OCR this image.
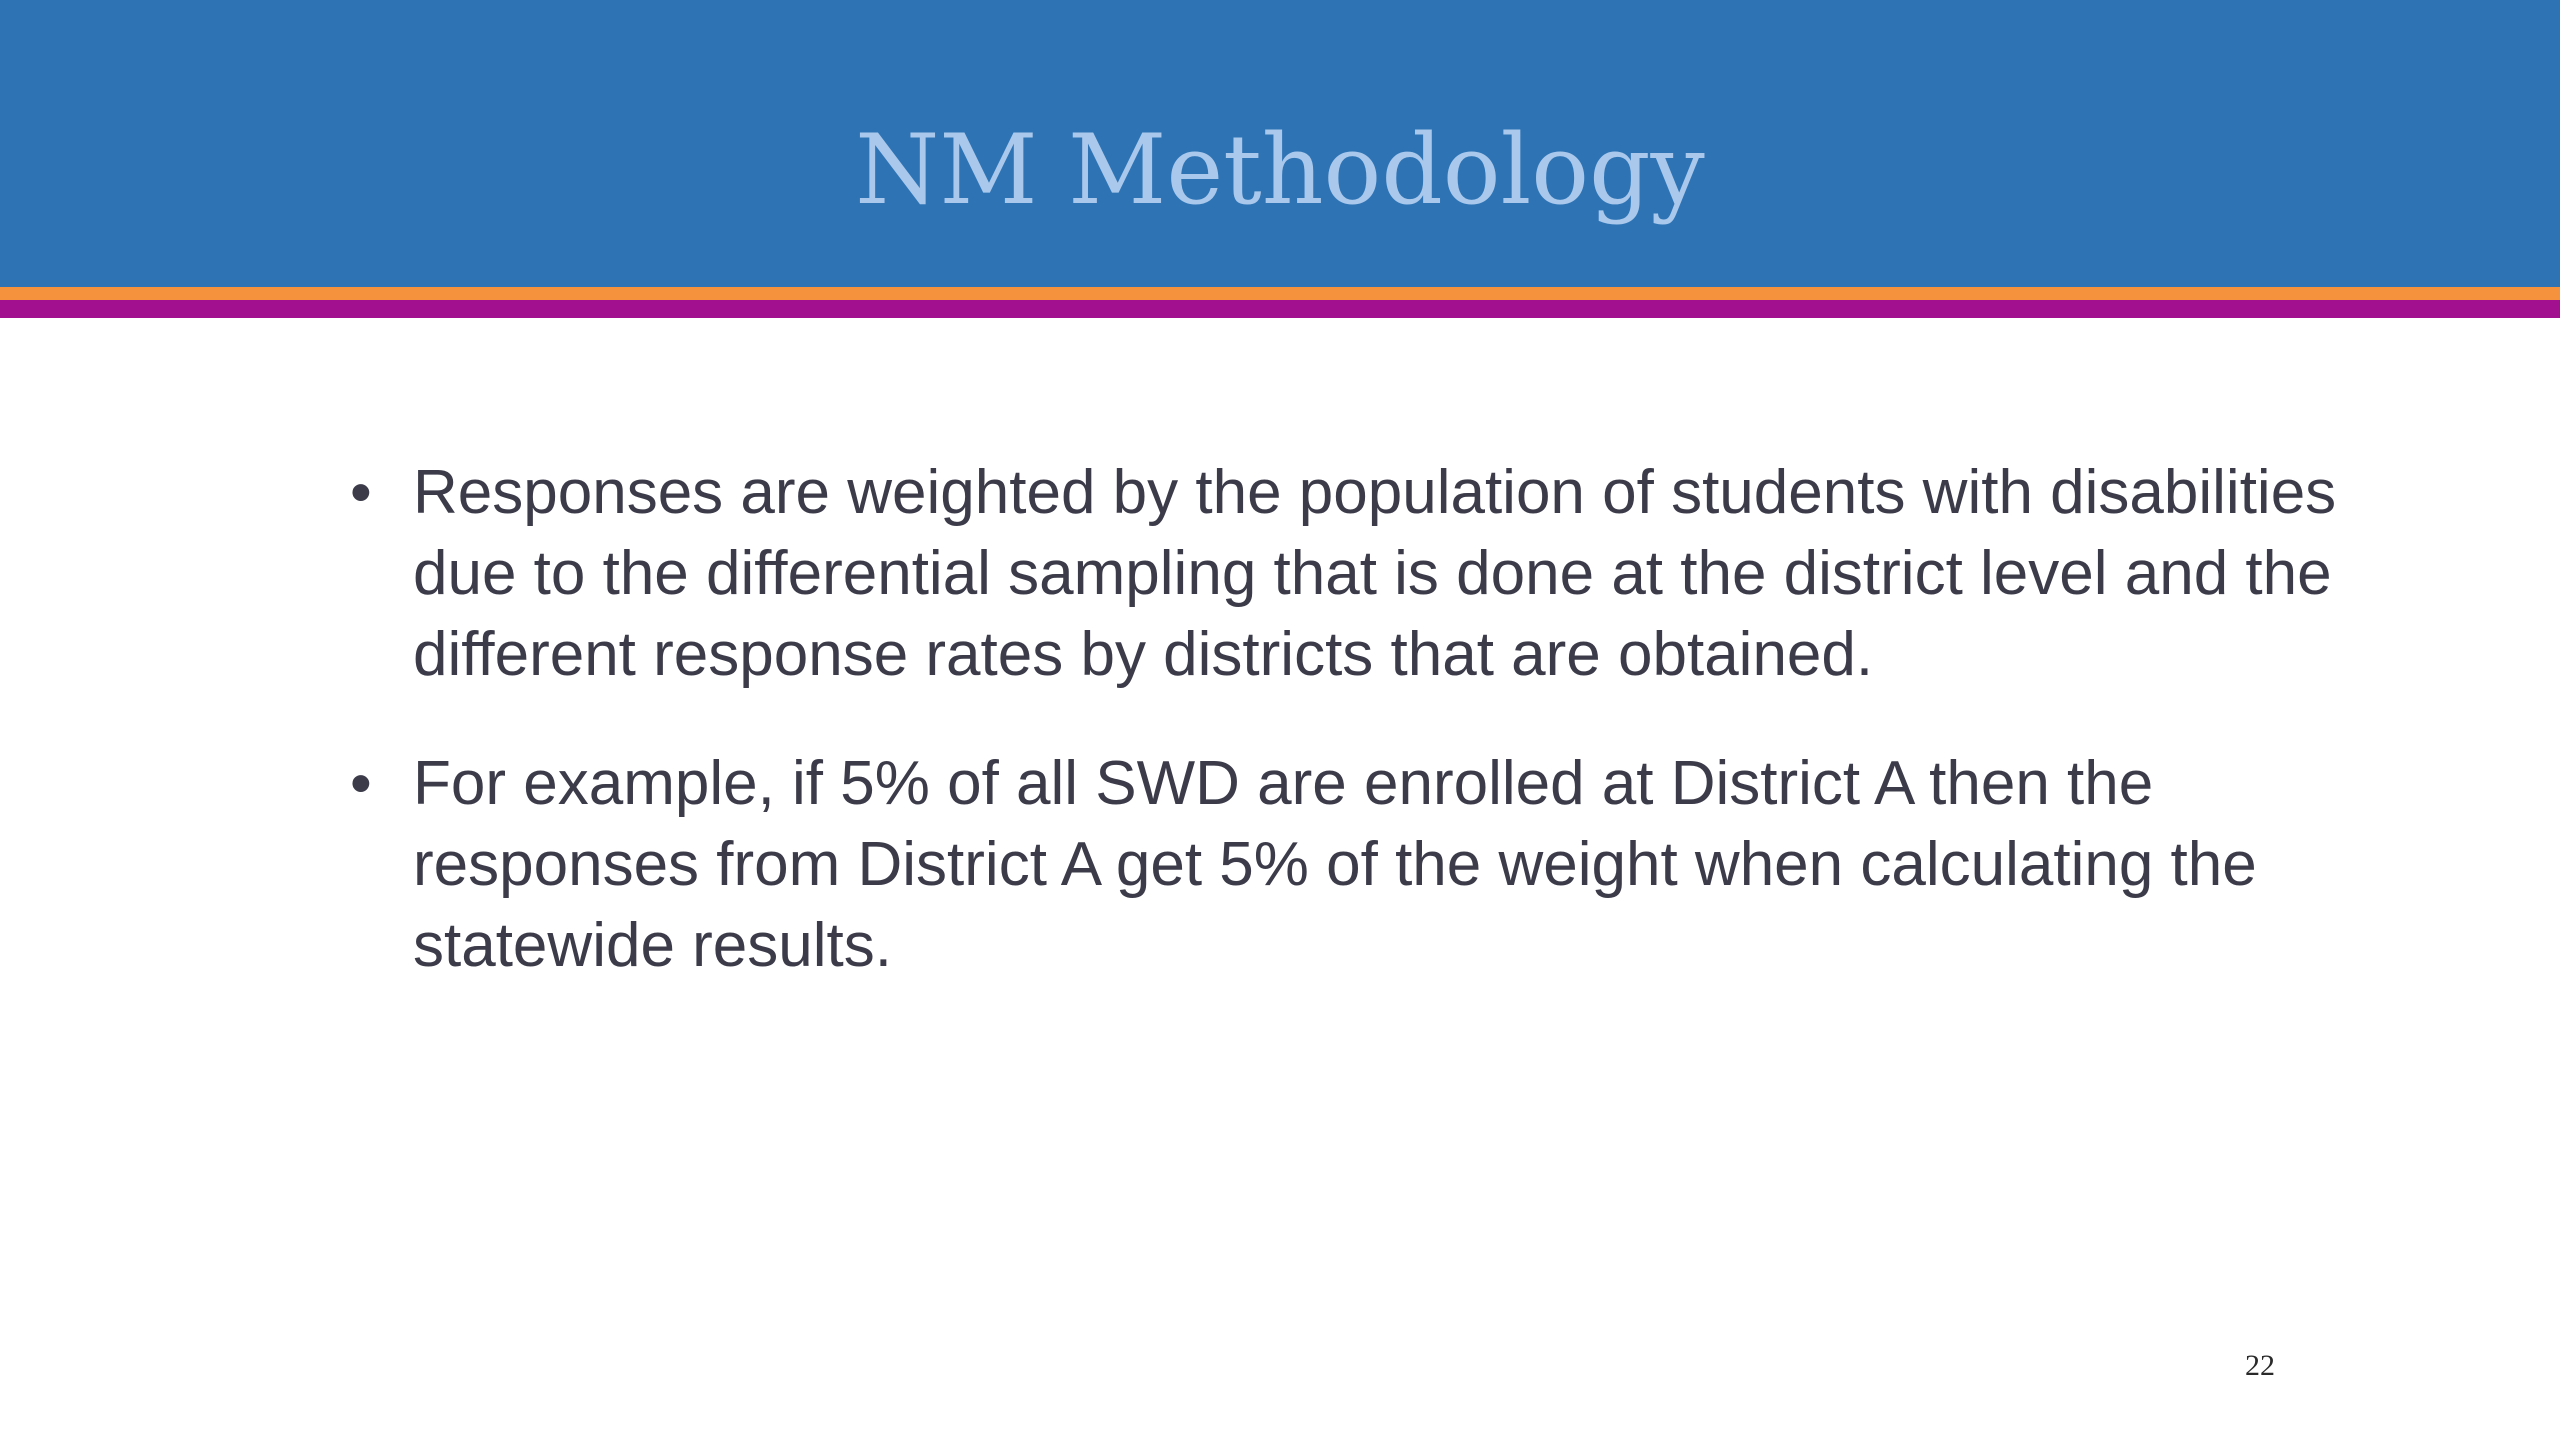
NM Methodology
• Responses are weighted by the population of students with disabilities due to the differential sampling that is done at the district level and the different response rates by districts that are obtained.
• For example, if 5% of all SWD are enrolled at District A then the responses from District A get 5% of the weight when calculating the statewide results.
22
